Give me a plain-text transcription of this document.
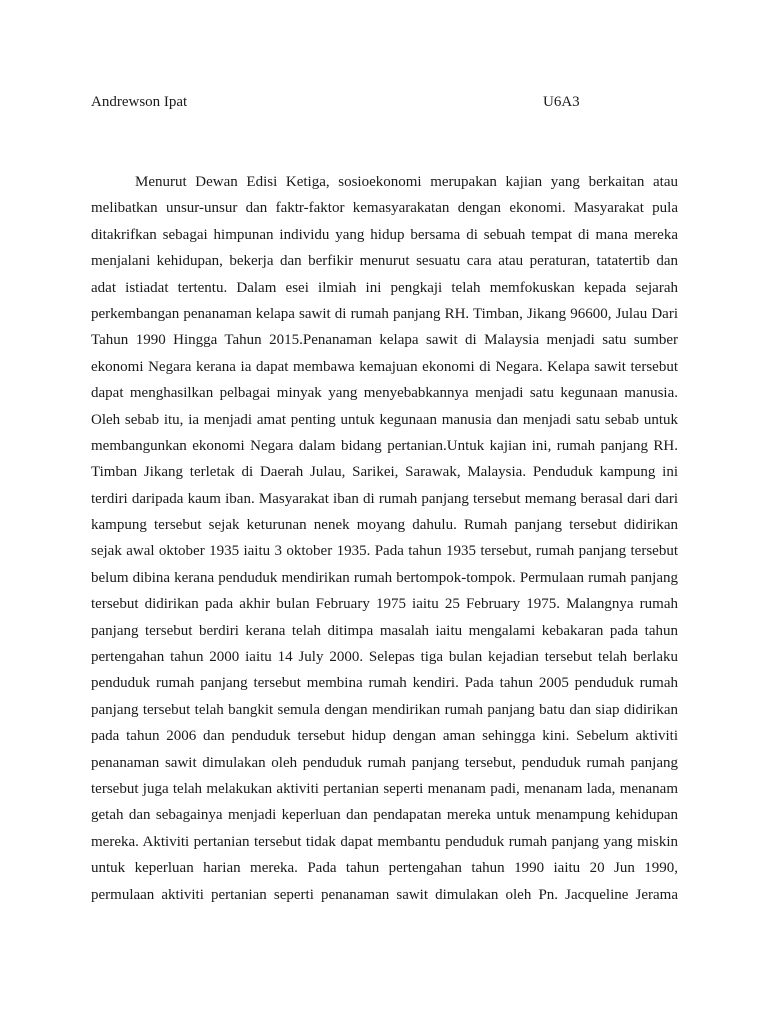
Andrewson Ipat	U6A3
Menurut Dewan Edisi Ketiga, sosioekonomi merupakan kajian yang berkaitan atau
melibatkan unsur-unsur dan faktr-faktor kemasyarakatan dengan ekonomi. Masyarakat pula
ditakrifkan sebagai himpunan individu yang hidup bersama di sebuah tempat di mana mereka
menjalani kehidupan, bekerja dan berfikir menurut sesuatu cara atau peraturan, tatatertib dan
adat istiadat tertentu. Dalam esei ilmiah ini pengkaji telah memfokuskan kepada sejarah
perkembangan penanaman kelapa sawit di rumah panjang RH. Timban, Jikang 96600, Julau Dari
Tahun 1990 Hingga Tahun 2015.Penanaman kelapa sawit di Malaysia menjadi satu sumber
ekonomi Negara kerana ia dapat membawa kemajuan ekonomi di Negara. Kelapa sawit tersebut
dapat menghasilkan pelbagai minyak yang menyebabkannya menjadi satu kegunaan manusia.
Oleh sebab itu, ia menjadi amat penting untuk kegunaan manusia dan menjadi satu sebab untuk
membangunkan ekonomi Negara dalam bidang pertanian.Untuk kajian ini, rumah panjang RH.
Timban Jikang terletak di Daerah Julau, Sarikei, Sarawak, Malaysia. Penduduk kampung ini
terdiri daripada kaum iban. Masyarakat iban di rumah panjang tersebut memang berasal dari dari
kampung tersebut sejak keturunan nenek moyang dahulu. Rumah panjang tersebut didirikan
sejak awal oktober 1935 iaitu 3 oktober 1935. Pada tahun 1935 tersebut, rumah panjang tersebut
belum dibina kerana penduduk mendirikan rumah bertompok-tompok. Permulaan rumah panjang
tersebut didirikan pada akhir bulan February 1975 iaitu 25 February 1975. Malangnya rumah
panjang tersebut berdiri kerana telah ditimpa masalah iaitu mengalami kebakaran pada tahun
pertengahan tahun 2000 iaitu 14 July 2000. Selepas tiga bulan kejadian tersebut telah berlaku
penduduk rumah panjang tersebut membina rumah kendiri. Pada tahun 2005 penduduk rumah
panjang tersebut telah bangkit semula dengan mendirikan rumah panjang batu dan siap didirikan
pada tahun 2006 dan penduduk tersebut hidup dengan aman sehingga kini. Sebelum aktiviti
penanaman sawit dimulakan oleh penduduk rumah panjang tersebut, penduduk rumah panjang
tersebut juga telah melakukan aktiviti pertanian seperti menanam padi, menanam lada, menanam
getah dan sebagainya menjadi keperluan dan pendapatan mereka untuk menampung kehidupan
mereka. Aktiviti pertanian tersebut tidak dapat membantu penduduk rumah panjang yang miskin
untuk keperluan harian mereka. Pada tahun pertengahan tahun 1990 iaitu 20 Jun 1990,
permulaan aktiviti pertanian seperti penanaman sawit dimulakan oleh Pn. Jacqueline Jerama
